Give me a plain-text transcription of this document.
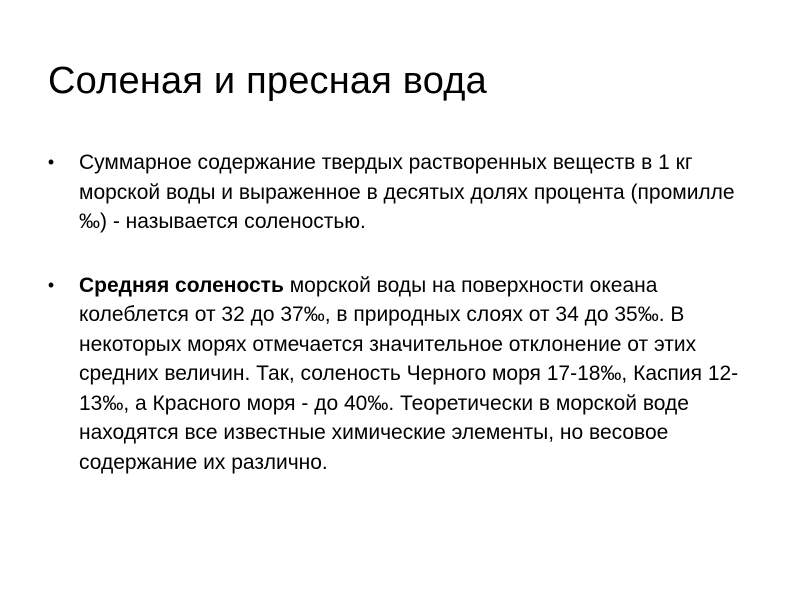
Соленая и пресная вода
• Суммарное содержание твердых растворенных веществ в 1 кг морской воды и выраженное в десятых долях процента (промилле ‰) - называется соленостью.
• Средняя соленость морской воды на поверхности океана колеблется от 32 до 37‰, в природных слоях от 34 до 35‰. В некоторых морях отмечается значительное отклонение от этих средних величин. Так, соленость Черного моря 17-18‰, Каспия 12-13‰, а Красного моря - до 40‰. Теоретически в морской воде находятся все известные химические элементы, но весовое содержание их различно.
